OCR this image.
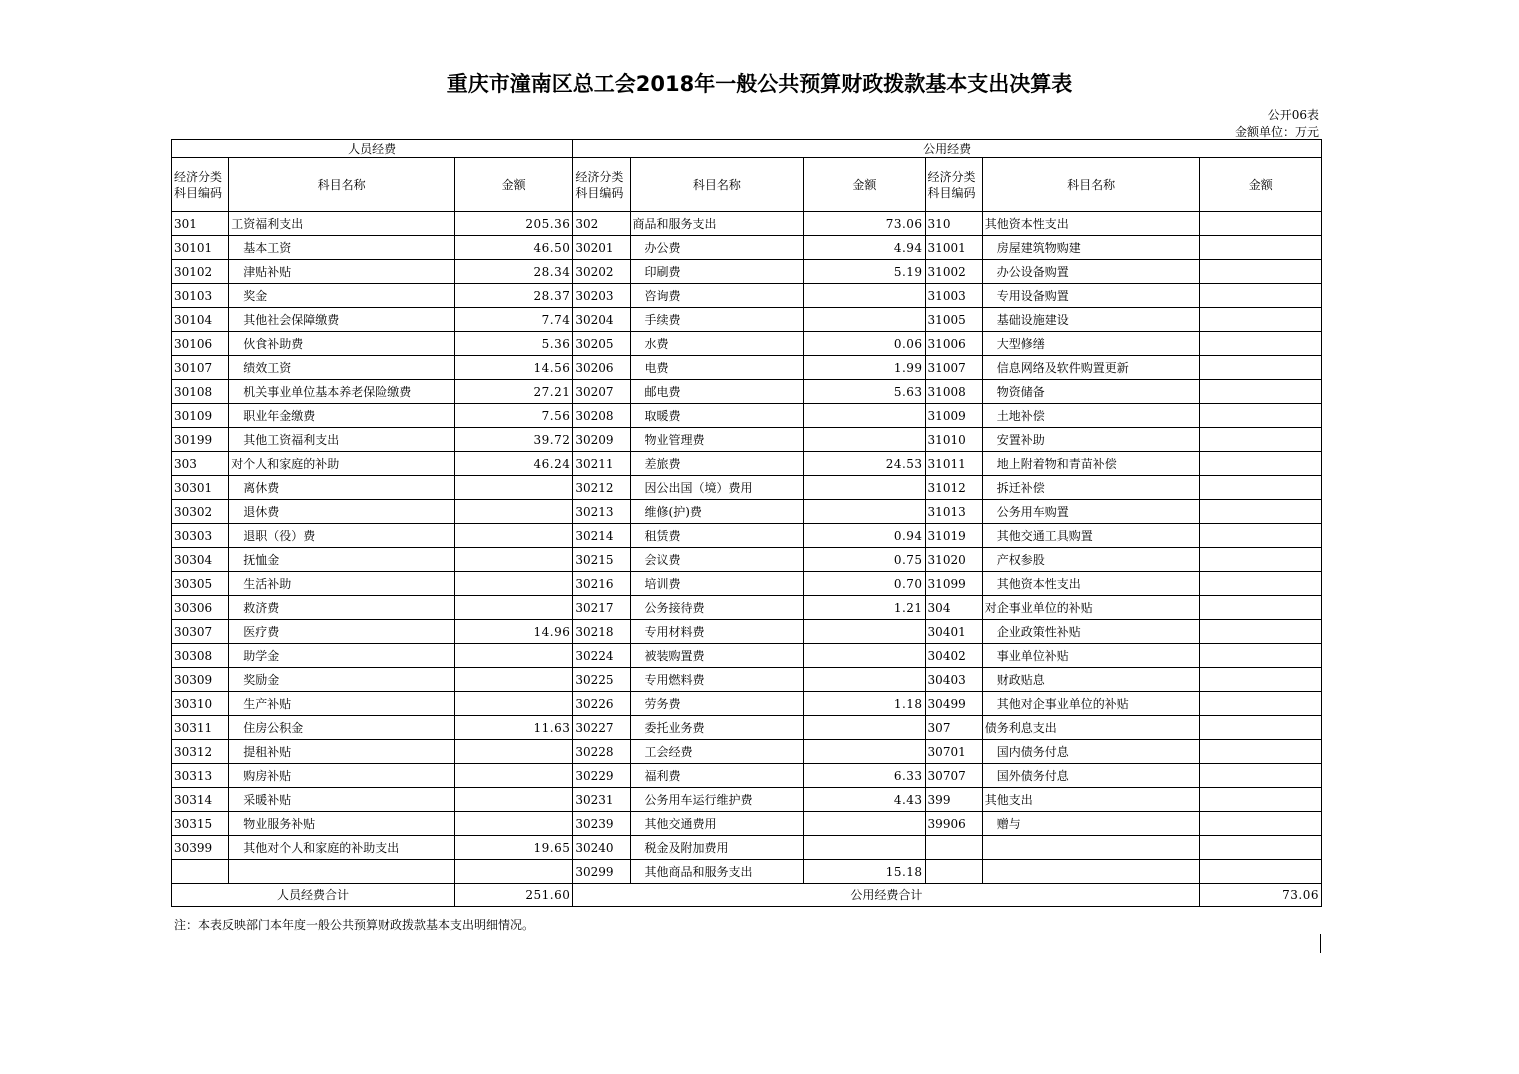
重庆市潼南区总工会2018年一般公共预算财政拨款基本支出决算表
公开06表
金额单位：万元
人员经费			公用经费					
经济分类科目编码	科目名称	金额	经济分类科目编码	科目名称	金额	经济分类科目编码	科目名称	金额
301	工资福利支出	205.36	302	商品和服务支出	73.06	310	其他资本性支出	
30101	基本工资	46.50	30201	办公费	4.94	31001	房屋建筑物购建	
30102	津贴补贴	28.34	30202	印刷费	5.19	31002	办公设备购置	
30103	奖金	28.37	30203	咨询费		31003	专用设备购置	
30104	其他社会保障缴费	7.74	30204	手续费		31005	基础设施建设	
30106	伙食补助费	5.36	30205	水费	0.06	31006	大型修缮	
30107	绩效工资	14.56	30206	电费	1.99	31007	信息网络及软件购置更新	
30108	机关事业单位基本养老保险缴费	27.21	30207	邮电费	5.63	31008	物资储备	
30109	职业年金缴费	7.56	30208	取暖费		31009	土地补偿	
30199	其他工资福利支出	39.72	30209	物业管理费		31010	安置补助	
303	对个人和家庭的补助	46.24	30211	差旅费	24.53	31011	地上附着物和青苗补偿	
30301	离休费		30212	因公出国（境）费用		31012	拆迁补偿	
30302	退休费		30213	维修(护)费		31013	公务用车购置	
30303	退职（役）费		30214	租赁费	0.94	31019	其他交通工具购置	
30304	抚恤金		30215	会议费	0.75	31020	产权参股	
30305	生活补助		30216	培训费	0.70	31099	其他资本性支出	
30306	救济费		30217	公务接待费	1.21	304	对企事业单位的补贴	
30307	医疗费	14.96	30218	专用材料费		30401	企业政策性补贴	
30308	助学金		30224	被装购置费		30402	事业单位补贴	
30309	奖励金		30225	专用燃料费		30403	财政贴息	
30310	生产补贴		30226	劳务费	1.18	30499	其他对企事业单位的补贴	
30311	住房公积金	11.63	30227	委托业务费		307	债务利息支出	
30312	提租补贴		30228	工会经费		30701	国内债务付息	
30313	购房补贴		30229	福利费	6.33	30707	国外债务付息	
30314	采暖补贴		30231	公务用车运行维护费	4.43	399	其他支出	
30315	物业服务补贴		30239	其他交通费用		39906	赠与	
30399	其他对个人和家庭的补助支出	19.65	30240	税金及附加费用				
			30299	其他商品和服务支出	15.18			
人员经费合计		251.60	公用经费合计					73.06
注：本表反映部门本年度一般公共预算财政拨款基本支出明细情况。
